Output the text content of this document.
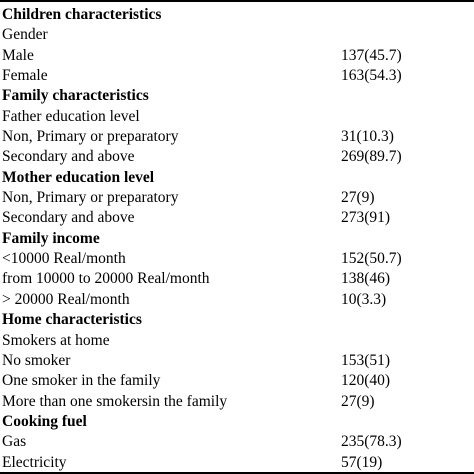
Children characteristics
Gender
Male	137(45.7)
Female	163(54.3)
Family characteristics
Father education level
Non, Primary or preparatory	31(10.3)
Secondary and above	269(89.7)
Mother education level
Non, Primary or preparatory	27(9)
Secondary and above	273(91)
Family income
<10000 Real/month	152(50.7)
from 10000 to 20000 Real/month	138(46)
> 20000 Real/month	10(3.3)
Home characteristics
Smokers at home
No smoker	153(51)
One smoker in the family	120(40)
More than one smokersin the family	27(9)
Cooking fuel
Gas	235(78.3)
Electricity	57(19)
